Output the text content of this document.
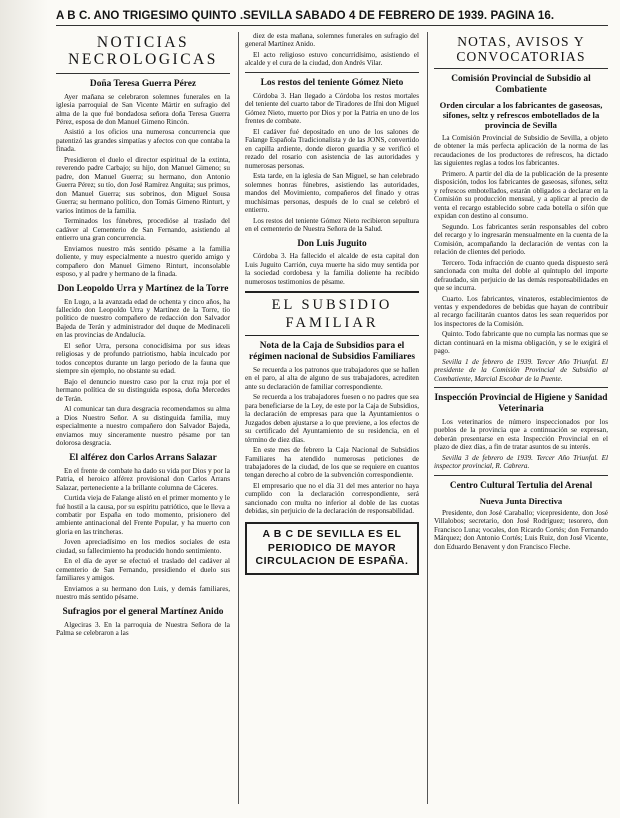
A B C. AÑO TRIGESIMO QUINTO .SEVILLA SABADO 4 DE FEBRERO DE 1939. PAGINA 16.
NOTICIAS NECROLOGICAS
Doña Teresa Guerra Pérez

Ayer mañana se celebraron solemnes funerales en la iglesia parroquial de San Vicente Mártir en sufragio del alma de la que fué bondadosa señora doña Teresa Guerra Pérez, esposa de don Manuel Gimeno Rincón.

Asistió a los oficios una numerosa concurrencia que patentizó las grandes simpatías y afectos con que contaba la finada.

Presidieron el duelo el director espiritual de la extinta, reverendo padre Carbajo; su hijo, don Manuel Gimeno; su padre, don Manuel Guerra; su hermano, don Antonio Guerra Pérez; su tío, don José Ramírez Anguita; sus primos, don Manuel Guerra; sus sobrinos, don Miguel Sousa Guerra; su hermano político, don Tomás Gimeno Rinturt, y varios íntimos de la familia.

Terminados los fúnebres, procedióse al traslado del cadáver al Cementerio de San Fernando, asistiendo al entierro una gran concurrencia.

Enviamos nuestro más sentido pésame a la familia doliente, y muy especialmente a nuestro querido amigo y compañero don Manuel Gimeno Rinturt, inconsolable esposo, y al padre y hermano de la finada.

Don Leopoldo Urra y Martínez de la Torre

En Lugo, a la avanzada edad de ochenta y cinco años, ha fallecido don Leopoldo Urra y Martínez de la Torre, tío político de nuestro compañero de redacción don Salvador Bajeda de Terán y administrador del duque de Medinaceli en las provincias de Andalucía.

El señor Urra, persona conocidísima por sus ideas religiosas y de profundo patriotismo, había inculcado por todos conceptos durante un largo periodo de la fauna que siempre sin ejemplo, no obstante su edad.

Bajo el denuncio nuestro caso por la cruz roja por el hermano política de su distinguida esposa, doña Mercedes de Terán.

Al comunicar tan dura desgracia recomendamos su alma a Dios Nuestro Señor. A su distinguida familia, muy especialmente a nuestro compañero don Salvador Bajeda, enviamos muy sinceramente nuestro pésame por tan dolorosa desgracia.

El alférez don Carlos Arrans Salazar

En el frente de combate ha dado su vida por Dios y por la Patria, el heroico alférez provisional don Carlos Arrans Salazar, perteneciente a la brillante columna de Cáceres.

Curtida vieja de Falange alistó en el primer momento y le fué hostil a la causa, por su espíritu patriótico, que le lleva a combatir por España en todo momento, prisionero del ambiente antinacional del Frente Popular, y ha muerto con gloria en las trincheras.

Joven apreciadísimo en los medios sociales de esta ciudad, su fallecimiento ha producido hondo sentimiento.

En el día de ayer se efectuó el traslado del cadáver al cementerio de San Fernando, presidiendo el duelo sus familiares y amigos.

Enviamos a su hermano don Luis, y demás familiares, nuestro más sentido pésame.

Sufragios por el general Martínez Anido

Algeciras 3. En la parroquia de Nuestra Señora de la Palma se celebraron a las

diez de esta mañana, solemnes funerales en sufragio del general Martínez Anido.

El acto religioso estuvo concurridísimo, asistiendo el alcalde y el cura de la ciudad, don Andrés Vilar.

Los restos del teniente Gómez Nieto

Córdoba 3. Han llegado a Córdoba los restos mortales del teniente del cuarto tabor de Tiradores de Ifni don Miguel Gómez Nieto, muerto por Dios y por la Patria en uno de los frentes de combate.

El cadáver fué depositado en uno de los salones de Falange Española Tradicionalista y de las JONS, convertido en capilla ardiente, donde dieron guardia y se verificó el rezado del rosario con asistencia de las autoridades y numerosas personas.

Esta tarde, en la iglesia de San Miguel, se han celebrado solemnes honras fúnebres, asistiendo las autoridades, mandos del Movimiento, compañeros del finado y otras muchísimas personas, después de lo cual se celebró el entierro.

Los restos del teniente Gómez Nieto recibieron sepultura en el cementerio de Nuestra Señora de la Salud.

Don Luis Juguito

Córdoba 3. Ha fallecido el alcalde de esta capital don Luis Juguito Carrión, cuya muerte ha sido muy sentida por la sociedad cordobesa y la familia doliente ha recibido numerosos testimonios de pésame.

EL SUBSIDIO FAMILIAR
Nota de la Caja de Subsidios para el régimen nacional de Subsidios Familiares

Se recuerda a los patronos que trabajadores que se hallen en el paro, al alta de alguno de sus trabajadores, acrediten ante su declaración de familiar correspondiente.

Se recuerda a los trabajadores fuesen o no padres que sea para beneficiarse de la Ley, de este por la Caja de Subsidios, la declaración de empresas para que la Ayuntamientos o Juzgados deben ajustarse a lo que previene, a los efectos de su certificado del Ayuntamiento de su residencia, en el término de diez días.

En este mes de febrero la Caja Nacional de Subsidios Familiares ha atendido numerosas peticiones de trabajadores de la ciudad, de los que se requiere en cuantos tengan derecho al cobro de la subvención correspondiente.

El empresario que no el día 31 del mes anterior no haya cumplido con la declaración correspondiente, será sancionado con multa no inferior al doble de las cuotas debidas, sin perjuicio de la declaración de responsabilidad.

A B C DE SEVILLA ES EL PERIODICO DE MAYOR CIRCULACION DE ESPAÑA.
NOTAS, AVISOS Y CONVOCATORIAS
Comisión Provincial de Subsidio al Combatiente
Orden circular a los fabricantes de gaseosas, sifones, seltz y refrescos embotellados de la provincia de Sevilla

La Comisión Provincial de Subsidio de Sevilla, a objeto de obtener la más perfecta aplicación de la norma de las recaudaciones de los productores de refrescos, ha dictado las siguientes reglas a todos los fabricantes.

Primero. A partir del día de la publicación de la presente disposición, todos los fabricantes de gaseosas, sifones, seltz y refrescos embotellados, estarán obligados a declarar en la Comisión su producción mensual, y a aplicar al precio de venta el recargo establecido sobre cada botella o sifón que expidan con destino al consumo.

Segundo. Los fabricantes serán responsables del cobro del recargo y lo ingresarán mensualmente en la cuenta de la Comisión, acompañando la declaración de ventas con la relación de clientes del periodo.

Tercero. Toda infracción de cuanto queda dispuesto será sancionada con multa del doble al quíntuplo del importe defraudado, sin perjuicio de las demás responsabilidades en que se incurra.

Cuarto. Los fabricantes, vinateros, establecimientos de ventas y expendedores de bebidas que hayan de contribuir al recargo facilitarán cuantos datos les sean requeridos por los inspectores de la Comisión.

Quinto. Todo fabricante que no cumpla las normas que se dictan continuará en la misma obligación, y se le exigirá el pago.

Sevilla 1 de febrero de 1939. Tercer Año Triunfal. El presidente de la Comisión Provincial de Subsidio al Combatiente, Marcial Escobar de la Puente.

Inspección Provincial de Higiene y Sanidad Veterinaria

Los veterinarios de número inspeccionados por los pueblos de la provincia que a continuación se expresan, deberán presentarse en esta Inspección Provincial en el plazo de diez días, a fin de tratar asuntos de su interés.

Sevilla 3 de febrero de 1939. Tercer Año Triunfal. El inspector provincial, R. Cabrera.

Centro Cultural Tertulia del Arenal
Nueva Junta Directiva

Presidente, don José Caraballo; vicepresidente, don José Villalobos; secretario, don José Rodríguez; tesorero, don Francisco Luna; vocales, don Ricardo Cortés; don Fernando Márquez; don Antonio Cortés; Luis Ruiz, don José Vicente, don Eduardo Benavent y don Francisco Fleche.
